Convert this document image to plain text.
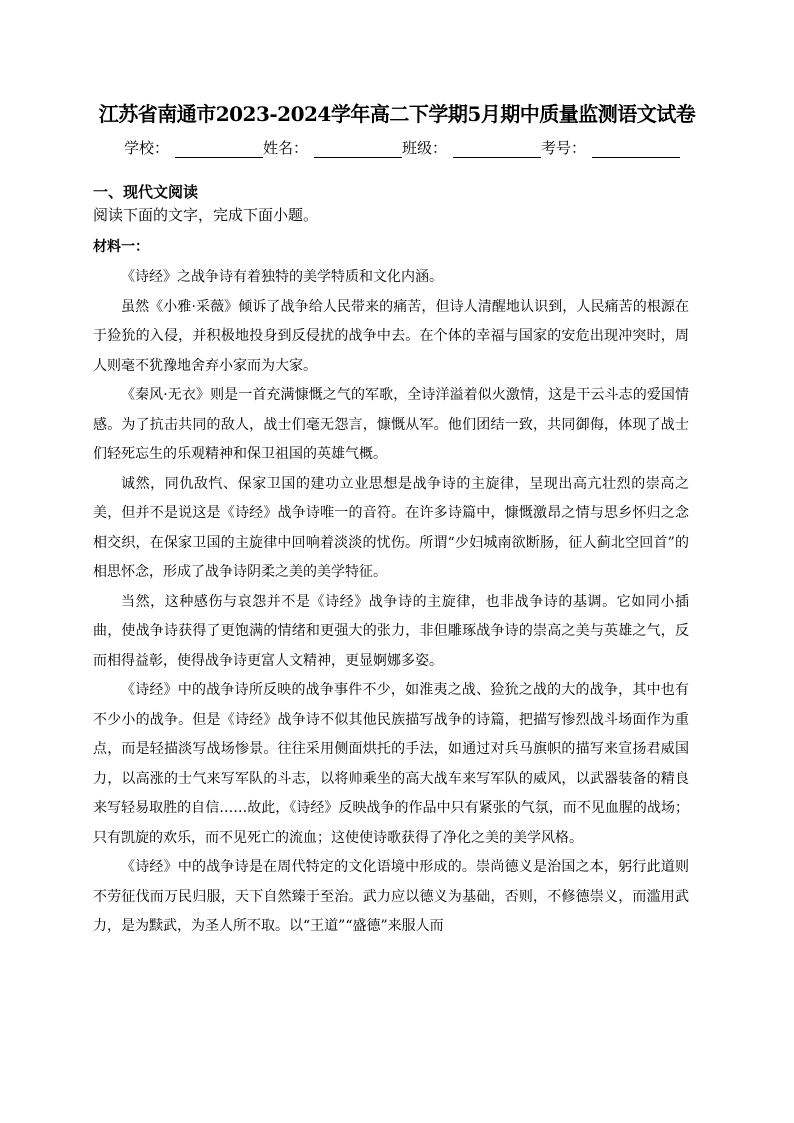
江苏省南通市2023-2024学年高二下学期5月期中质量监测语文试卷
学校：	姓名：	班级：	考号：
一、现代文阅读
阅读下面的文字，完成下面小题。
材料一：

《诗经》之战争诗有着独特的美学特质和文化内涵。

虽然《小雅·采薇》倾诉了战争给人民带来的痛苦，但诗人清醒地认识到，人民痛苦的根源在于猃狁的入侵，并积极地投身到反侵扰的战争中去。在个体的幸福与国家的安危出现冲突时，周人则毫不犹豫地舍弃小家而为大家。

《秦风·无衣》则是一首充满慷慨之气的军歌，全诗洋溢着似火激情，这是干云斗志的爱国情感。为了抗击共同的敌人，战士们毫无怨言，慷慨从军。他们团结一致，共同御侮，体现了战士们轻死忘生的乐观精神和保卫祖国的英雄气概。

诚然，同仇敌忾、保家卫国的建功立业思想是战争诗的主旋律，呈现出高亢壮烈的崇高之美，但并不是说这是《诗经》战争诗唯一的音符。在许多诗篇中，慷慨激昂之情与思乡怀归之念相交织，在保家卫国的主旋律中回响着淡淡的忧伤。所谓“少妇城南欲断肠，征人蓟北空回首”的相思怀念，形成了战争诗阴柔之美的美学特征。

当然，这种感伤与哀怨并不是《诗经》战争诗的主旋律，也非战争诗的基调。它如同小插曲，使战争诗获得了更饱满的情绪和更强大的张力，非但雕琢战争诗的崇高之美与英雄之气，反而相得益彰，使得战争诗更富人文精神，更显婀娜多姿。

《诗经》中的战争诗所反映的战争事件不少，如淮夷之战、猃狁之战的大的战争，其中也有不少小的战争。但是《诗经》战争诗不似其他民族描写战争的诗篇，把描写惨烈战斗场面作为重点，而是轻描淡写战场惨景。往往采用侧面烘托的手法，如通过对兵马旗帜的描写来宣扬君威国力，以高涨的士气来写军队的斗志，以将帅乘坐的高大战车来写军队的威风，以武器装备的精良来写轻易取胜的自信……故此，《诗经》反映战争的作品中只有紧张的气氛，而不见血腥的战场；只有凯旋的欢乐，而不见死亡的流血；这使使诗歌获得了净化之美的美学风格。

《诗经》中的战争诗是在周代特定的文化语境中形成的。崇尚德义是治国之本，躬行此道则不劳征伐而万民归服，天下自然臻于至治。武力应以德义为基础，否则，不修德崇义，而滥用武力，是为黩武，为圣人所不取。以“王道”“盛德”来服人而
